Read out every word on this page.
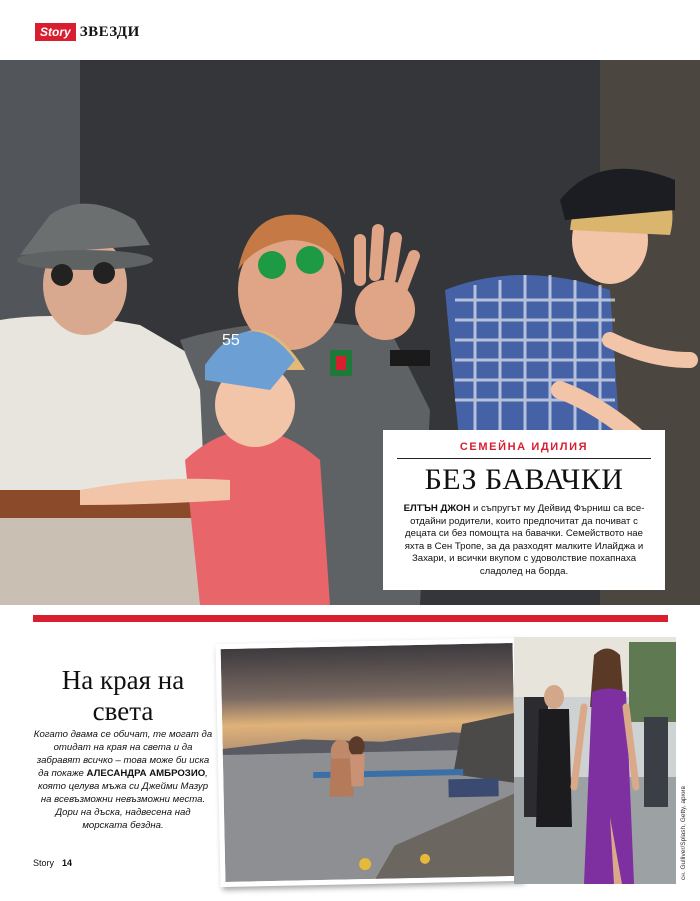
Story ЗВЕЗДИ
55
СЕМЕЙНА ИДИЛИЯ
БЕЗ БАВАЧКИ
ЕЛТЪН ДЖОН и съпругът му Дейвид Фърниш са все-отдайни родители, които предпочитат да почиват с децата си без помощта на бавачки. Семейството нае яхта в Сен Тропе, за да разходят малките Илайджа и Захари, и всички вкупом с удоволствие похапнаха сладолед на борда.
На края на
света
Когато двама се обичат, те могат да отидат на края на света и да забравят всичко – това може би иска да покаже АЛЕСАНДРА АМБРОЗИО, която целува мъжа си Джейми Мазур на всевъзможни невъзможни места. Дори на дъска, надвесена над морската бездна.	сн. Gulliver/Splash, Getty, архив
Story 14
